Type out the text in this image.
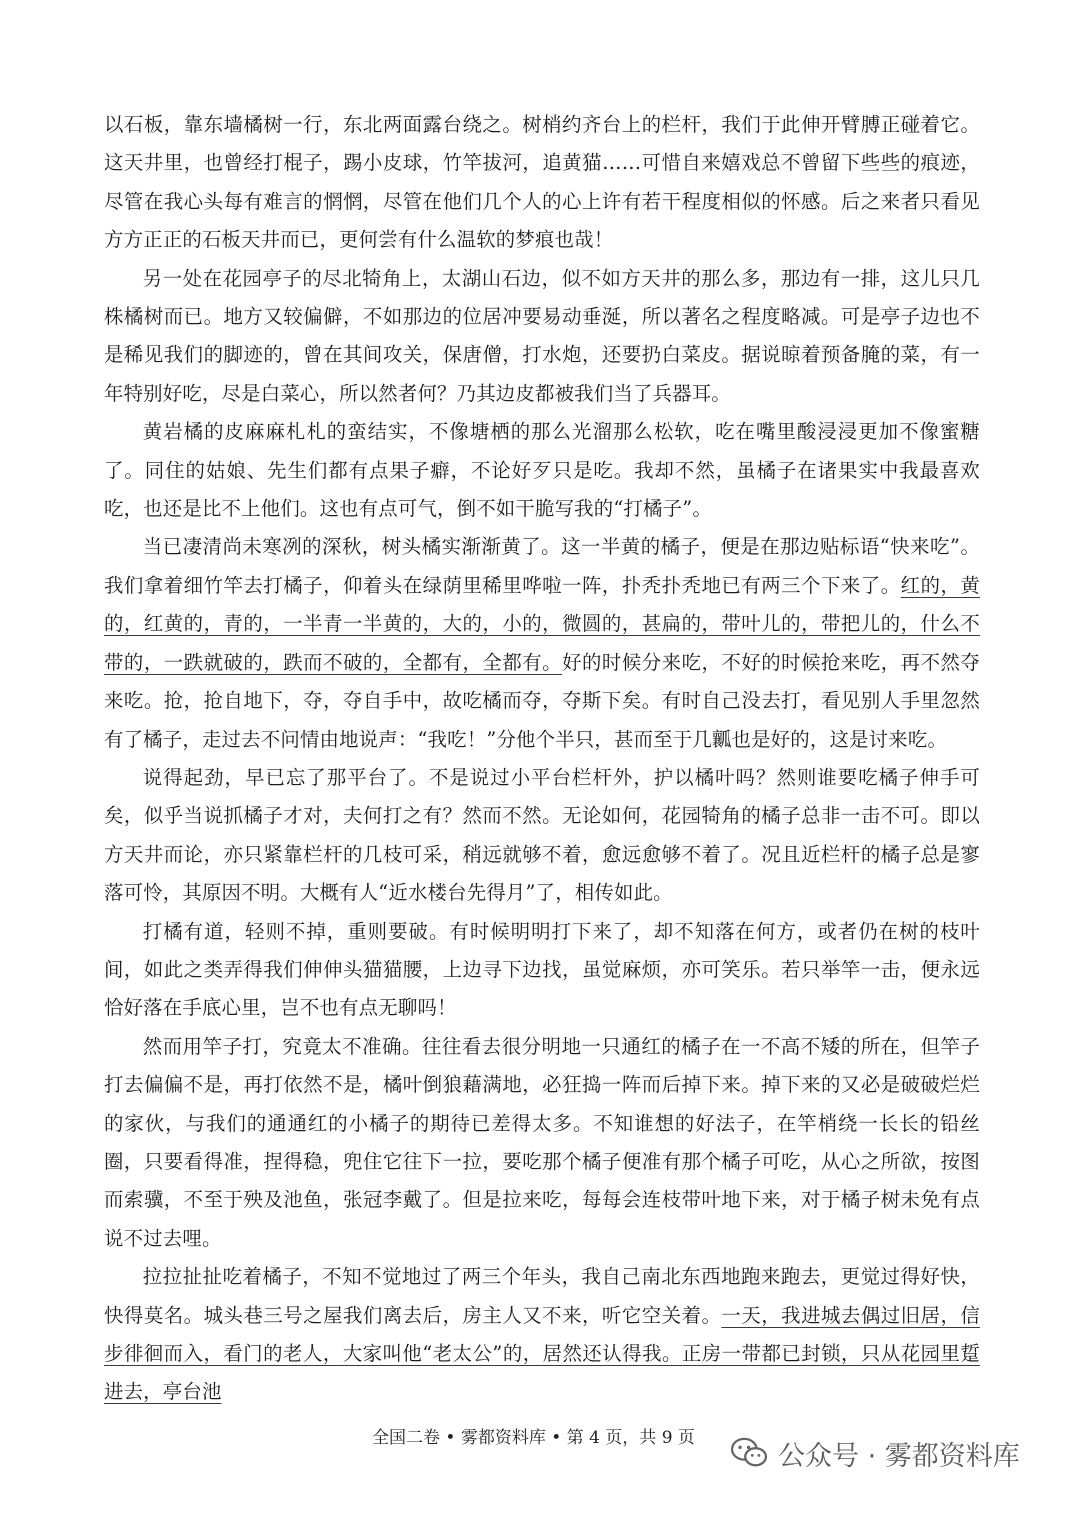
以石板，靠东墙橘树一行，东北两面露台绕之。树梢约齐台上的栏杆，我们于此伸开臂膊正碰着它。这天井里，也曾经打棍子，踢小皮球，竹竿拔河，追黄猫……可惜自来嬉戏总不曾留下些些的痕迹，尽管在我心头每有难言的惘惘，尽管在他们几个人的心上许有若干程度相似的怀感。后之来者只看见方方正正的石板天井而已，更何尝有什么温软的梦痕也哉！

另一处在花园亭子的尽北犄角上，太湖山石边，似不如方天井的那么多，那边有一排，这儿只几株橘树而已。地方又较偏僻，不如那边的位居冲要易动垂涎，所以著名之程度略减。可是亭子边也不是稀见我们的脚迹的，曾在其间攻关，保唐僧，打水炮，还要扔白菜皮。据说晾着预备腌的菜，有一年特别好吃，尽是白菜心，所以然者何？乃其边皮都被我们当了兵器耳。

黄岩橘的皮麻麻札札的蛮结实，不像塘栖的那么光溜那么松软，吃在嘴里酸浸浸更加不像蜜糖了。同住的姑娘、先生们都有点果子癖，不论好歹只是吃。我却不然，虽橘子在诸果实中我最喜欢吃，也还是比不上他们。这也有点可气，倒不如干脆写我的“打橘子”。

当已凄清尚未寒冽的深秋，树头橘实渐渐黄了。这一半黄的橘子，便是在那边贴标语“快来吃”。我们拿着细竹竿去打橘子，仰着头在绿荫里稀里哗啦一阵，扑秃扑秃地已有两三个下来了。红的，黄的，红黄的，青的，一半青一半黄的，大的，小的，微圆的，甚扁的，带叶儿的，带把儿的，什么不带的，一跌就破的，跌而不破的，全都有，全都有。好的时候分来吃，不好的时候抢来吃，再不然夺来吃。抢，抢自地下，夺，夺自手中，故吃橘而夺，夺斯下矣。有时自己没去打，看见别人手里忽然有了橘子，走过去不问情由地说声：“我吃！”分他个半只，甚而至于几瓤也是好的，这是讨来吃。

说得起劲，早已忘了那平台了。不是说过小平台栏杆外，护以橘叶吗？然则谁要吃橘子伸手可矣，似乎当说抓橘子才对，夫何打之有？然而不然。无论如何，花园犄角的橘子总非一击不可。即以方天井而论，亦只紧靠栏杆的几枝可采，稍远就够不着，愈远愈够不着了。况且近栏杆的橘子总是寥落可怜，其原因不明。大概有人“近水楼台先得月”了，相传如此。

打橘有道，轻则不掉，重则要破。有时候明明打下来了，却不知落在何方，或者仍在树的枝叶间，如此之类弄得我们伸伸头猫猫腰，上边寻下边找，虽觉麻烦，亦可笑乐。若只举竿一击，便永远恰好落在手底心里，岂不也有点无聊吗！

然而用竿子打，究竟太不准确。往往看去很分明地一只通红的橘子在一不高不矮的所在，但竿子打去偏偏不是，再打依然不是，橘叶倒狼藉满地，必狂捣一阵而后掉下来。掉下来的又必是破破烂烂的家伙，与我们的通通红的小橘子的期待已差得太多。不知谁想的好法子，在竿梢绕一长长的铅丝圈，只要看得准，捏得稳，兜住它往下一拉，要吃那个橘子便准有那个橘子可吃，从心之所欲，按图而索骥，不至于殃及池鱼，张冠李戴了。但是拉来吃，每每会连枝带叶地下来，对于橘子树未免有点说不过去哩。

拉拉扯扯吃着橘子，不知不觉地过了两三个年头，我自己南北东西地跑来跑去，更觉过得好快，快得莫名。城头巷三号之屋我们离去后，房主人又不来，听它空关着。一天，我进城去偶过旧居，信步徘徊而入，看门的老人，大家叫他“老太公”的，居然还认得我。正房一带都已封锁，只从花园里踅进去，亭台池

全国二卷 • 雾都资料库 • 第 4 页，共 9 页
公众号 · 雾都资料库
